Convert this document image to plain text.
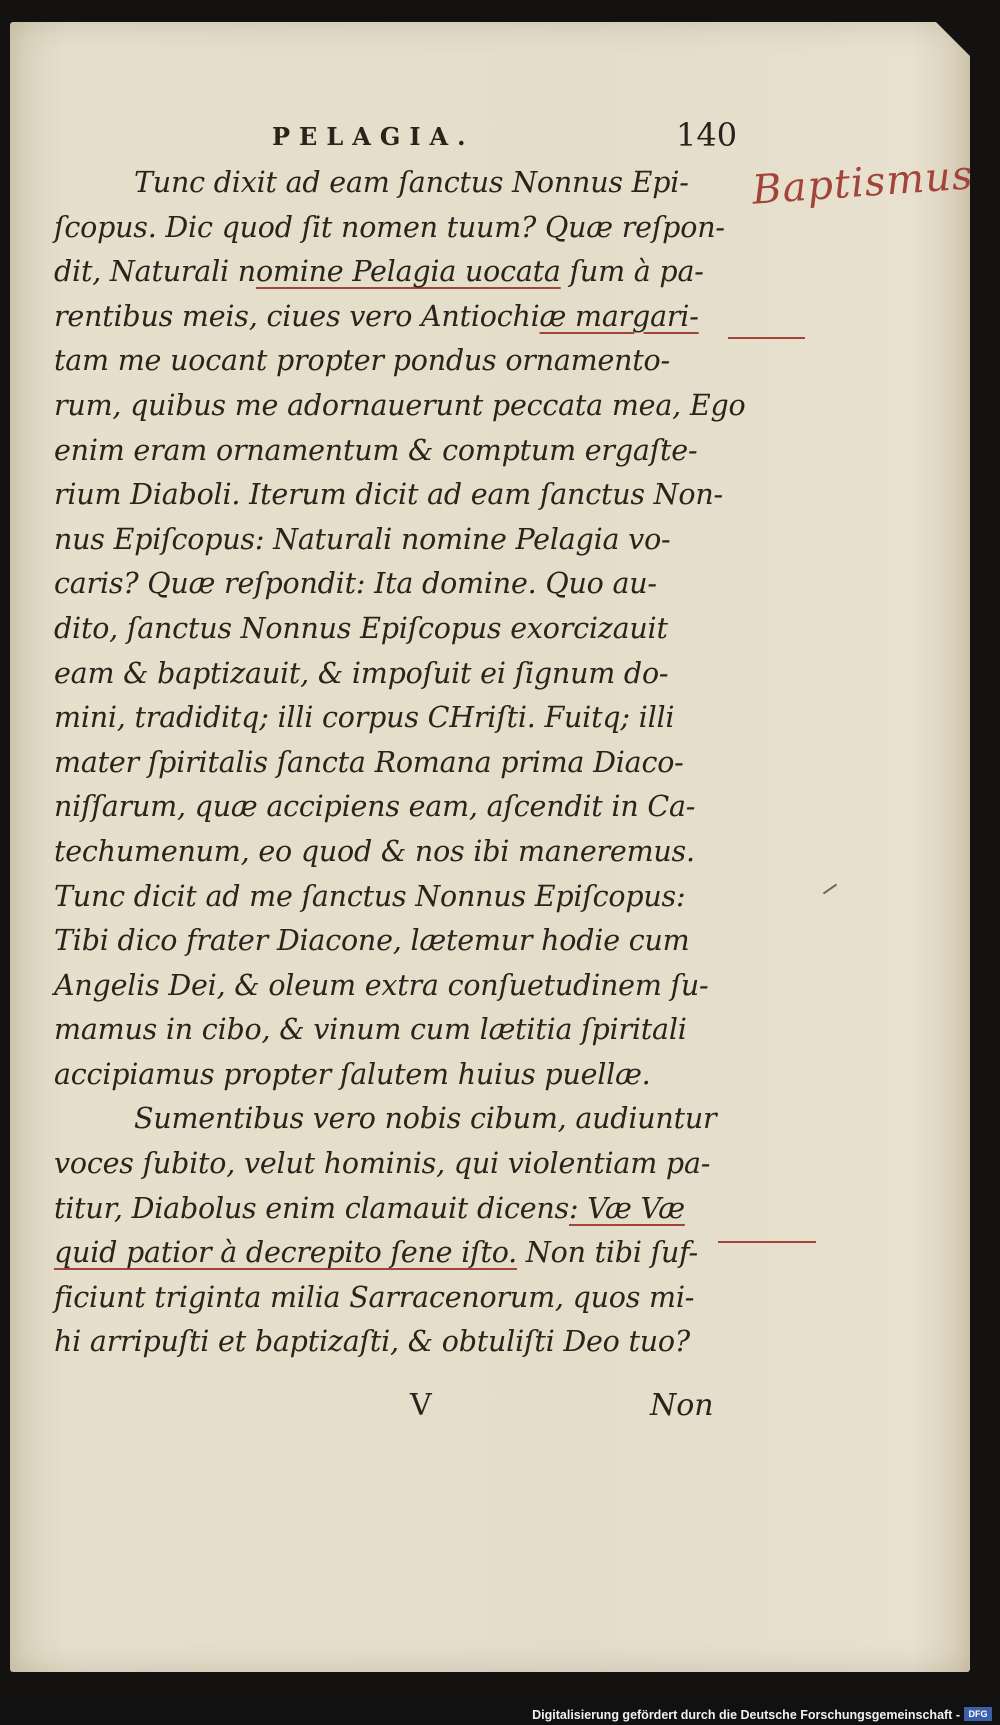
PELAGIA.	140
Baptismus
Tunc dixit ad eam ſanctus Nonnus Epi-
ſcopus. Dic quod ſit nomen tuum? Quæ reſpon-
dit, Naturali nomine Pelagia uocata ſum à pa-
rentibus meis, ciues vero Antiochiæ margari-
tam me uocant propter pondus ornamento-
rum, quibus me adornauerunt peccata mea, Ego
enim eram ornamentum & comptum ergaſte-
rium Diaboli. Iterum dicit ad eam ſanctus Non-
nus Epiſcopus: Naturali nomine Pelagia vo-
caris? Quæ reſpondit: Ita domine. Quo au-
dito, ſanctus Nonnus Epiſcopus exorcizauit
eam & baptizauit, & impoſuit ei ſignum do-
mini, tradiditq; illi corpus CHriſti. Fuitq; illi
mater ſpiritalis ſancta Romana prima Diaco-
niſſarum, quæ accipiens eam, aſcendit in Ca-
techumenum, eo quod & nos ibi maneremus.
Tunc dicit ad me ſanctus Nonnus Epiſcopus:
Tibi dico frater Diacone, lætemur hodie cum
Angelis Dei, & oleum extra conſuetudinem ſu-
mamus in cibo, & vinum cum lætitia ſpiritali
accipiamus propter ſalutem huius puellæ.
Sumentibus vero nobis cibum, audiuntur
voces ſubito, velut hominis, qui violentiam pa-
titur, Diabolus enim clamauit dicens: Væ Væ
quid patior à decrepito ſene iſto. Non tibi ſuf-
ficiunt triginta milia Sarracenorum, quos mi-
hi arripuſti et baptizaſti, & obtuliſti Deo tuo?
V	Non
Digitalisierung gefördert durch die Deutsche Forschungsgemeinschaft - DFG
